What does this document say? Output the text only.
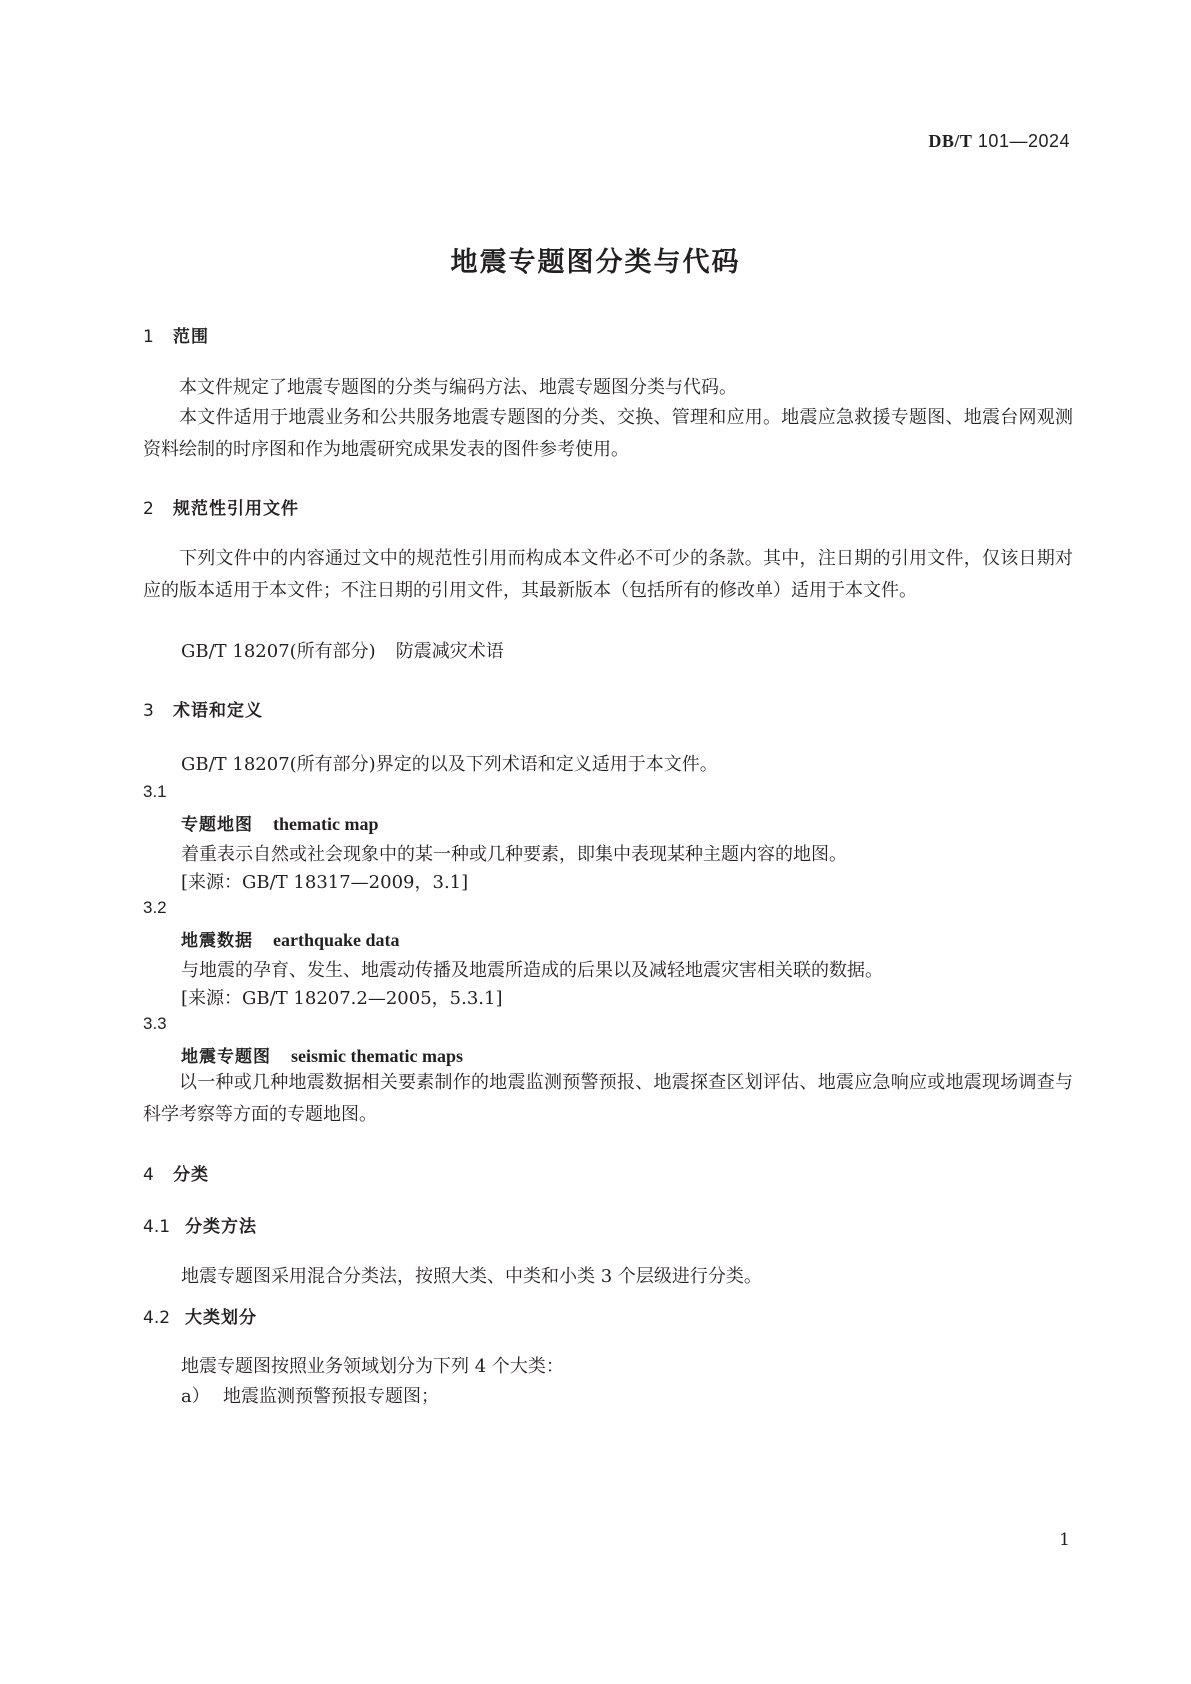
DB/T 101—2024

地震专题图分类与代码
1 范围

本文件规定了地震专题图的分类与编码方法、地震专题图分类与代码。

本文件适用于地震业务和公共服务地震专题图的分类、交换、管理和应用。地震应急救援专题图、地震台网观测资料绘制的时序图和作为地震研究成果发表的图件参考使用。

2 规范性引用文件

下列文件中的内容通过文中的规范性引用而构成本文件必不可少的条款。其中，注日期的引用文件，仅该日期对应的版本适用于本文件；不注日期的引用文件，其最新版本（包括所有的修改单）适用于本文件。

GB/T 18207(所有部分) 防震减灾术语

3 术语和定义

GB/T 18207(所有部分)界定的以及下列术语和定义适用于本文件。

3.1

专题地图 thematic map

着重表示自然或社会现象中的某一种或几种要素，即集中表现某种主题内容的地图。

[来源：GB/T 18317—2009，3.1]

3.2

地震数据 earthquake data

与地震的孕育、发生、地震动传播及地震所造成的后果以及减轻地震灾害相关联的数据。

[来源：GB/T 18207.2—2005，5.3.1]

3.3

地震专题图 seismic thematic maps

以一种或几种地震数据相关要素制作的地震监测预警预报、地震探查区划评估、地震应急响应或地震现场调查与科学考察等方面的专题地图。

4 分类
4.1 分类方法

地震专题图采用混合分类法，按照大类、中类和小类 3 个层级进行分类。

4.2 大类划分

地震专题图按照业务领域划分为下列 4 个大类：

a） 地震监测预警预报专题图；

1
